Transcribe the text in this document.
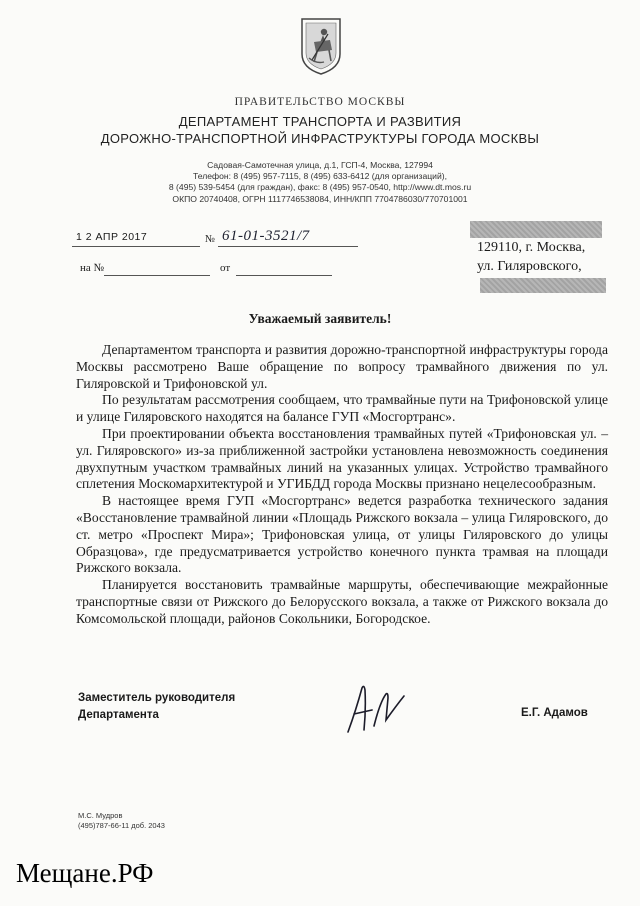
ПРАВИТЕЛЬСТВО МОСКВЫ
ДЕПАРТАМЕНТ ТРАНСПОРТА И РАЗВИТИЯ
ДОРОЖНО-ТРАНСПОРТНОЙ ИНФРАСТРУКТУРЫ ГОРОДА МОСКВЫ
Садовая-Самотечная улица, д.1, ГСП-4, Москва, 127994
Телефон: 8 (495) 957-7115, 8 (495) 633-6412 (для организаций),
8 (495) 539-5454 (для граждан), факс: 8 (495) 957-0540, http://www.dt.mos.ru
ОКПО 20740408, ОГРН 1117746538084, ИНН/КПП 7704786030/770701001
1 2 АПР 2017	№ 61-01-3521/7
на №	от
129110, г. Москва,
ул. Гиляровского,
Уважаемый заявитель!

Департаментом транспорта и развития дорожно-транспортной инфраструктуры города Москвы рассмотрено Ваше обращение по вопросу трамвайного движения по ул. Гиляровской и Трифоновской ул.

По результатам рассмотрения сообщаем, что трамвайные пути на Трифоновской улице и улице Гиляровского находятся на балансе ГУП «Мосгортранс».

При проектировании объекта восстановления трамвайных путей «Трифоновская ул. – ул. Гиляровского» из-за приближенной застройки установлена невозможность соединения двухпутным участком трамвайных линий на указанных улицах. Устройство трамвайного сплетения Москомархитектурой и УГИБДД города Москвы признано нецелесообразным.

В настоящее время ГУП «Мосгортранс» ведется разработка технического задания «Восстановление трамвайной линии «Площадь Рижского вокзала – улица Гиляровского, до ст. метро «Проспект Мира»; Трифоновская улица, от улицы Гиляровского до улицы Образцова», где предусматривается устройство конечного пункта трамвая на площади Рижского вокзала.

Планируется восстановить трамвайные маршруты, обеспечивающие межрайонные транспортные связи от Рижского до Белорусского вокзала, а также от Рижского вокзала до Комсомольской площади, районов Сокольники, Богородское.

Заместитель руководителя
Департамента	Е.Г. Адамов
М.С. Мудров
(495)787-66-11 доб. 2043
Мещане.РФ
